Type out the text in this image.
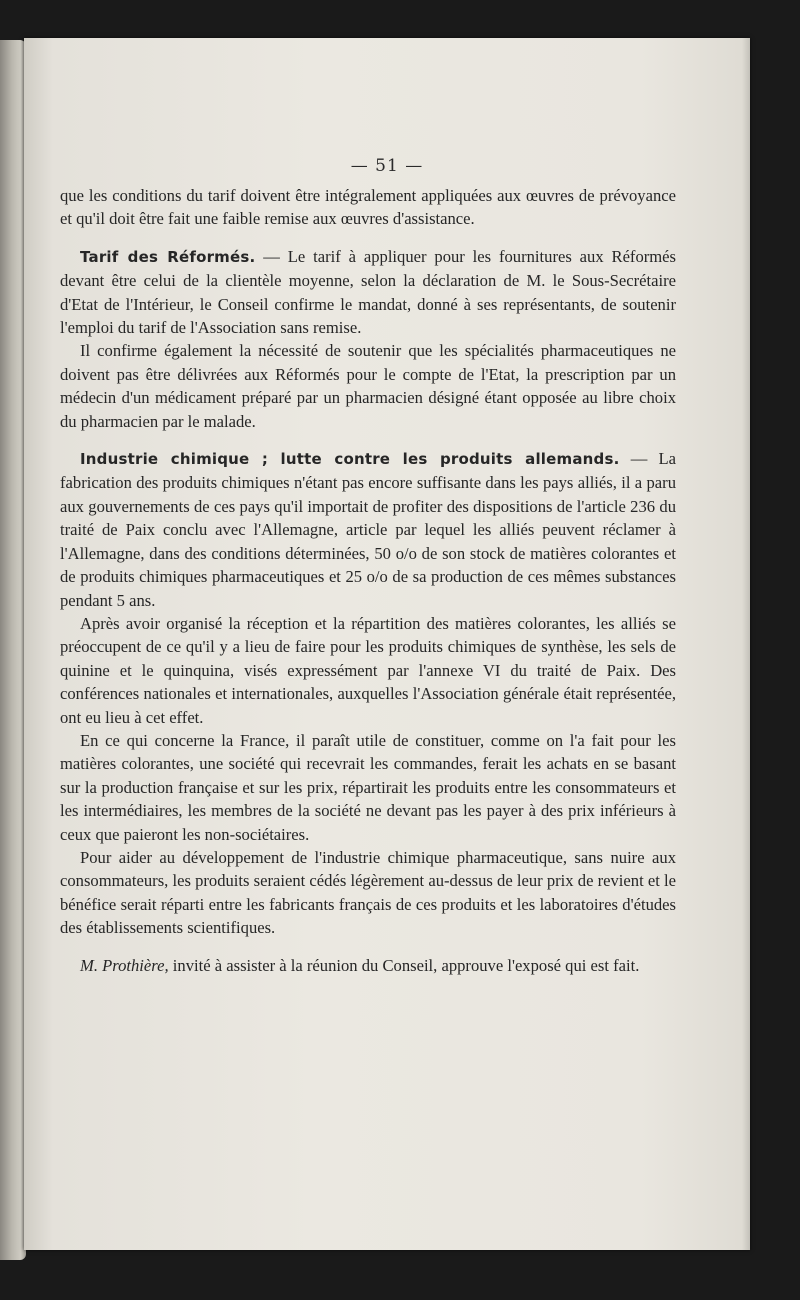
— 51 —

que les conditions du tarif doivent être intégralement appliquées aux œuvres de prévoyance et qu'il doit être fait une faible remise aux œuvres d'assistance.

Tarif des Réformés. — Le tarif à appliquer pour les fournitures aux Réformés devant être celui de la clientèle moyenne, selon la déclaration de M. le Sous-Secrétaire d'Etat de l'Intérieur, le Conseil confirme le mandat, donné à ses représentants, de soutenir l'emploi du tarif de l'Association sans remise.

Il confirme également la nécessité de soutenir que les spécialités pharmaceutiques ne doivent pas être délivrées aux Réformés pour le compte de l'Etat, la prescription par un médecin d'un médicament préparé par un pharmacien désigné étant opposée au libre choix du pharmacien par le malade.

Industrie chimique ; lutte contre les produits allemands. — La fabrication des produits chimiques n'étant pas encore suffisante dans les pays alliés, il a paru aux gouvernements de ces pays qu'il importait de profiter des dispositions de l'article 236 du traité de Paix conclu avec l'Allemagne, article par lequel les alliés peuvent réclamer à l'Allemagne, dans des conditions déterminées, 50 o/o de son stock de matières colorantes et de produits chimiques pharmaceutiques et 25 o/o de sa production de ces mêmes substances pendant 5 ans.

Après avoir organisé la réception et la répartition des matières colorantes, les alliés se préoccupent de ce qu'il y a lieu de faire pour les produits chimiques de synthèse, les sels de quinine et le quinquina, visés expressément par l'annexe VI du traité de Paix. Des conférences nationales et internationales, auxquelles l'Association générale était représentée, ont eu lieu à cet effet.

En ce qui concerne la France, il paraît utile de constituer, comme on l'a fait pour les matières colorantes, une société qui recevrait les commandes, ferait les achats en se basant sur la production française et sur les prix, répartirait les produits entre les consommateurs et les intermédiaires, les membres de la société ne devant pas les payer à des prix inférieurs à ceux que paieront les non-sociétaires.

Pour aider au développement de l'industrie chimique pharmaceutique, sans nuire aux consommateurs, les produits seraient cédés légèrement au-dessus de leur prix de revient et le bénéfice serait réparti entre les fabricants français de ces produits et les laboratoires d'études des établissements scientifiques.

M. Prothière, invité à assister à la réunion du Conseil, approuve l'exposé qui est fait.
